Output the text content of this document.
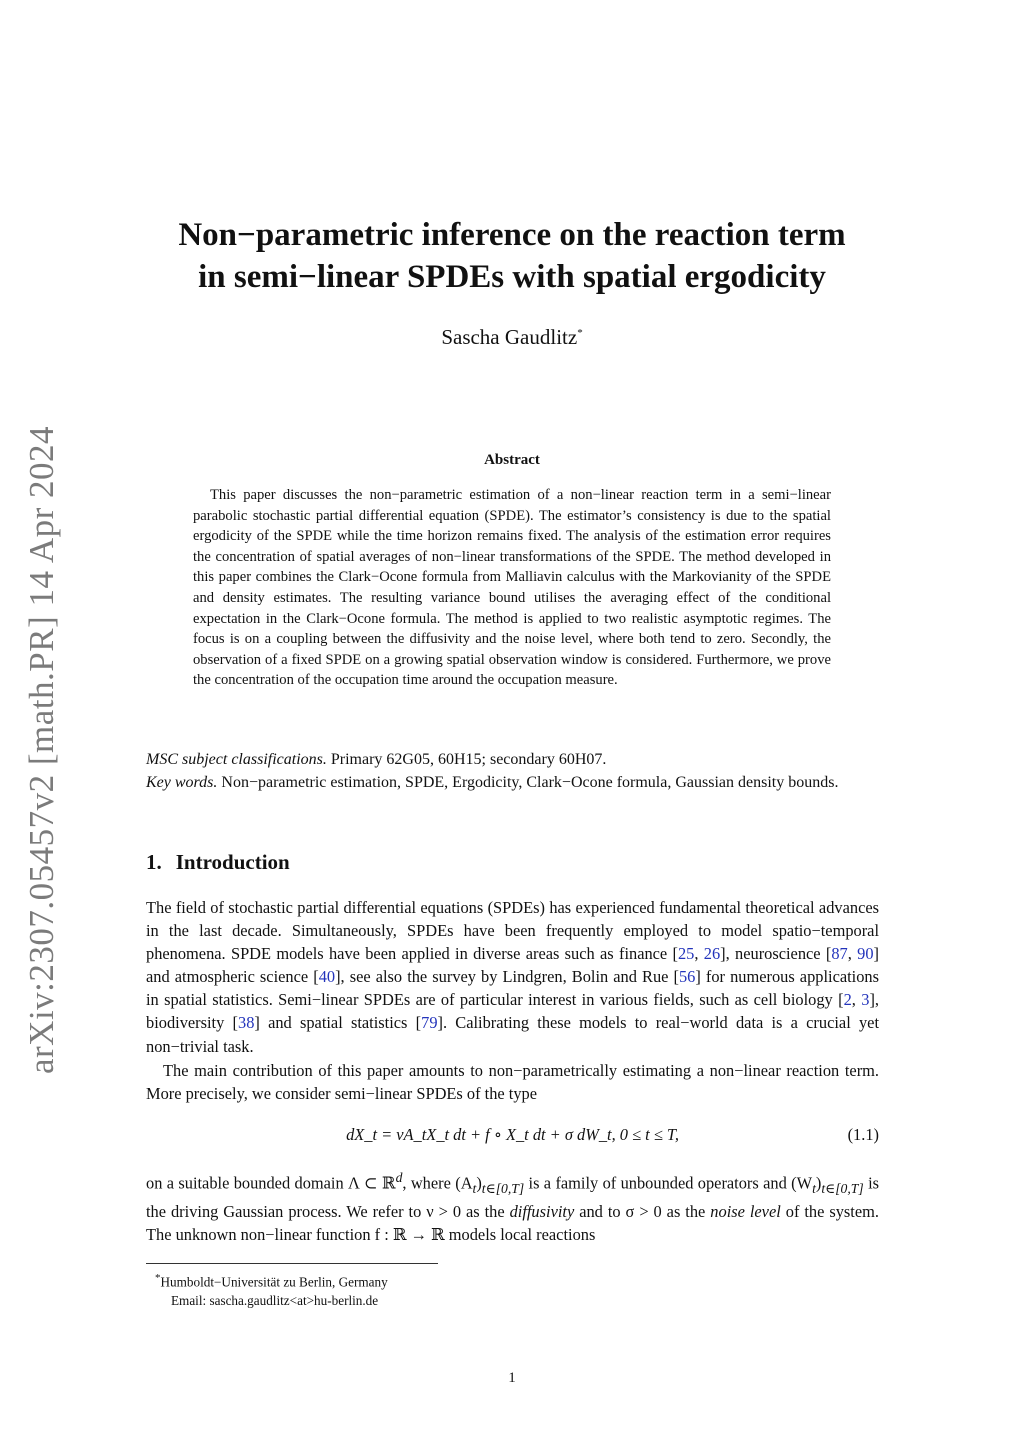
arXiv:2307.05457v2 [math.PR] 14 Apr 2024
Non−parametric inference on the reaction term
in semi−linear SPDEs with spatial ergodicity
Sascha Gaudlitz*
Abstract

This paper discusses the non−parametric estimation of a non−linear reaction term in a semi−linear parabolic stochastic partial differential equation (SPDE). The estimator’s consistency is due to the spatial ergodicity of the SPDE while the time horizon remains fixed. The analysis of the estimation error requires the concentration of spatial averages of non−linear transformations of the SPDE. The method developed in this paper combines the Clark−Ocone formula from Malliavin calculus with the Markovianity of the SPDE and density estimates. The resulting variance bound utilises the averaging effect of the conditional expectation in the Clark−Ocone formula. The method is applied to two realistic asymptotic regimes. The focus is on a coupling between the diffusivity and the noise level, where both tend to zero. Secondly, the observation of a fixed SPDE on a growing spatial observation window is considered. Furthermore, we prove the concentration of the occupation time around the occupation measure.

MSC subject classifications. Primary 62G05, 60H15; secondary 60H07.

Key words. Non−parametric estimation, SPDE, Ergodicity, Clark−Ocone formula, Gaussian density bounds.

1. Introduction

The field of stochastic partial differential equations (SPDEs) has experienced fundamental theoretical advances in the last decade. Simultaneously, SPDEs have been frequently employed to model spatio−temporal phenomena. SPDE models have been applied in diverse areas such as finance [25, 26], neuroscience [87, 90] and atmospheric science [40], see also the survey by Lindgren, Bolin and Rue [56] for numerous applications in spatial statistics. Semi−linear SPDEs are of particular interest in various fields, such as cell biology [2, 3], biodiversity [38] and spatial statistics [79]. Calibrating these models to real−world data is a crucial yet non−trivial task.

The main contribution of this paper amounts to non−parametrically estimating a non−linear reaction term. More precisely, we consider semi−linear SPDEs of the type

dX_t = νA_tX_t dt + f ∘ X_t dt + σ dW_t, 0 ≤ t ≤ T,	(1.1)

on a suitable bounded domain Λ ⊂ ℝ$^d$, where $(A_t)_{t\in[0,T]}$ is a family of unbounded operators and $(W_t)_{t\in[0,T]}$ is the driving Gaussian process. We refer to ν > 0 as the diffusivity and to σ > 0 as the noise level of the system. The unknown non−linear function f : ℝ → ℝ models local reactions

*Humboldt−Universität zu Berlin, Germany
Email: sascha.gaudlitz<at>hu-berlin.de
1
